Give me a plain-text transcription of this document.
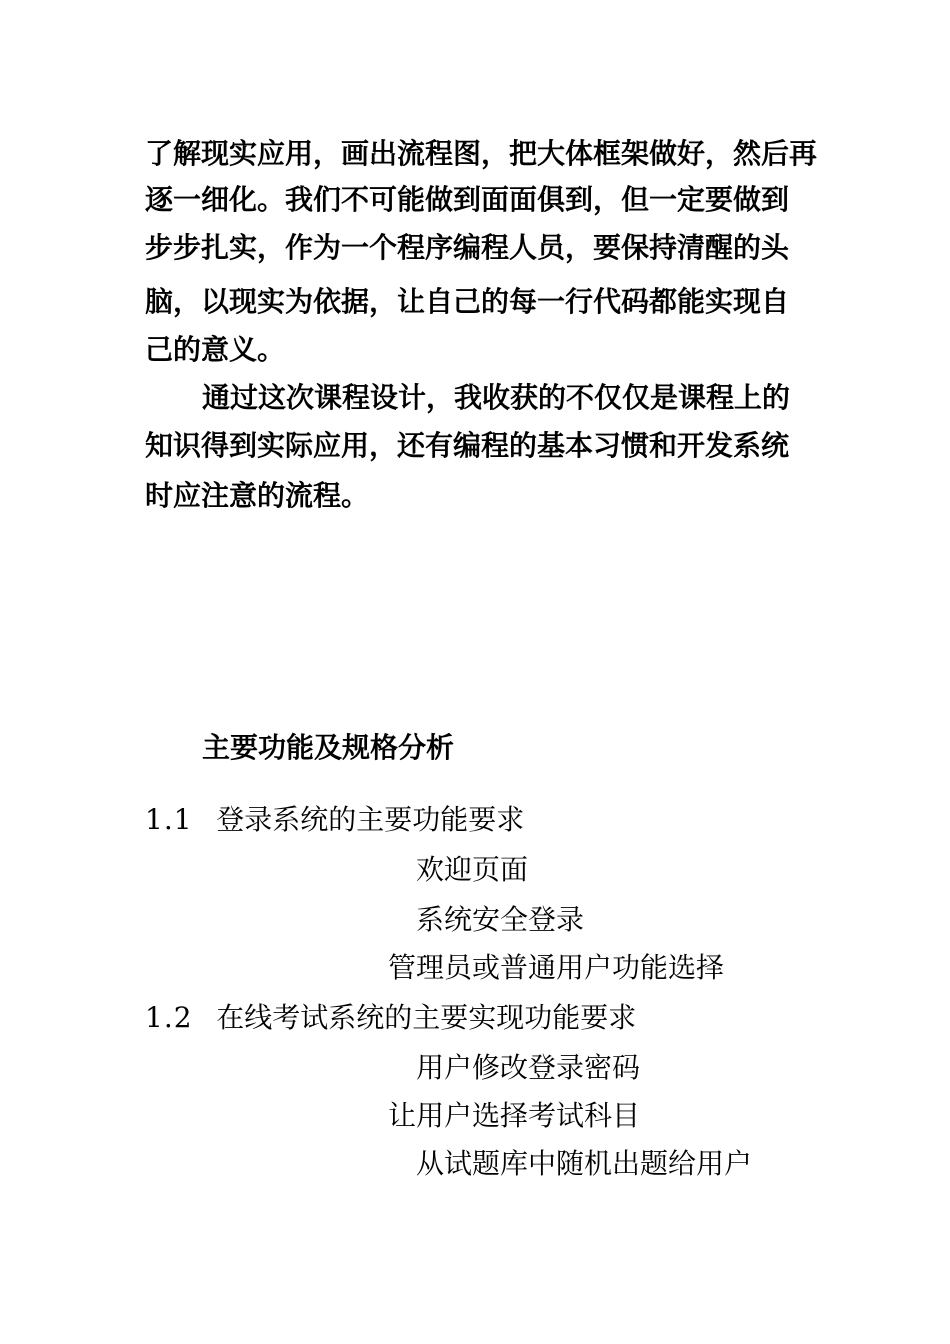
了解现实应用，画出流程图，把大体框架做好，然后再
逐一细化。我们不可能做到面面俱到，但一定要做到
步步扎实，作为一个程序编程人员，要保持清醒的头
脑，以现实为依据，让自己的每一行代码都能实现自
己的意义。
通过这次课程设计，我收获的不仅仅是课程上的
知识得到实际应用，还有编程的基本习惯和开发系统
时应注意的流程。
主要功能及规格分析
1.1 登录系统的主要功能要求
欢迎页面
系统安全登录
管理员或普通用户功能选择
1.2 在线考试系统的主要实现功能要求
用户修改登录密码
让用户选择考试科目
从试题库中随机出题给用户
